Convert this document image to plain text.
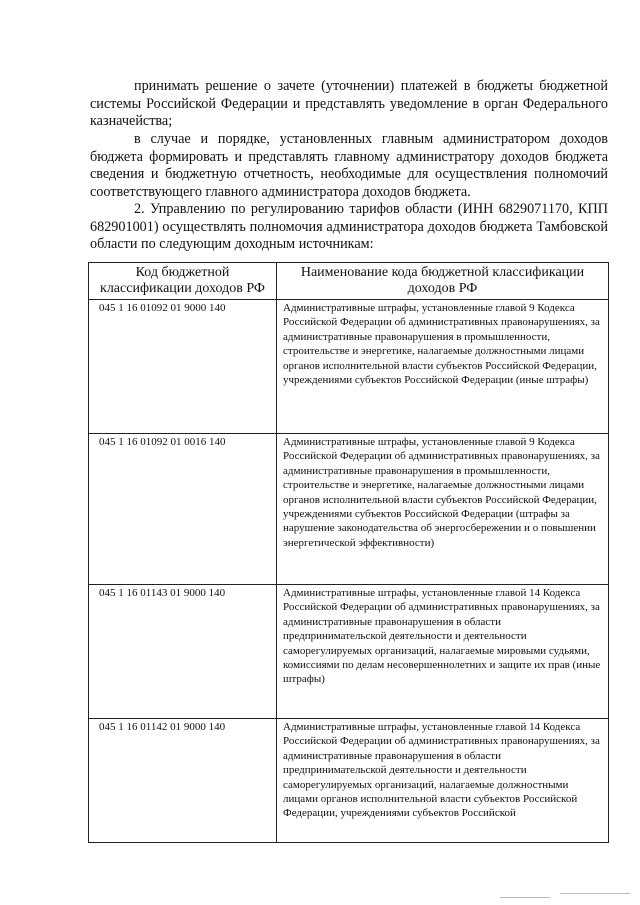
принимать решение о зачете (уточнении) платежей в бюджеты бюджетной системы Российской Федерации и представлять уведомление в орган Федерального казначейства;

в случае и порядке, установленных главным администратором доходов бюджета формировать и представлять главному администратору доходов бюджета сведения и бюджетную отчетность, необходимые для осуществления полномочий соответствующего главного администратора доходов бюджета.

2. Управлению по регулированию тарифов области (ИНН 6829071170, КПП 682901001) осуществлять полномочия администратора доходов бюджета Тамбовской области по следующим доходным источникам:

Код бюджетной классификации доходов РФ	Наименование кода бюджетной классификации доходов РФ
045 1 16 01092 01 9000 140	Административные штрафы, установленные главой 9 Кодекса Российской Федерации об административных правонарушениях, за административные правонарушения в промышленности, строительстве и энергетике, налагаемые должностными лицами органов исполнительной власти субъектов Российской Федерации, учреждениями субъектов Российской Федерации (иные штрафы)
045 1 16 01092 01 0016 140	Административные штрафы, установленные главой 9 Кодекса Российской Федерации об административных правонарушениях, за административные правонарушения в промышленности, строительстве и энергетике, налагаемые должностными лицами органов исполнительной власти субъектов Российской Федерации, учреждениями субъектов Российской Федерации (штрафы за нарушение законодательства об энергосбережении и о повышении энергетической эффективности)
045 1 16 01143 01 9000 140	Административные штрафы, установленные главой 14 Кодекса Российской Федерации об административных правонарушениях, за административные правонарушения в области предпринимательской деятельности и деятельности саморегулируемых организаций, налагаемые мировыми судьями, комиссиями по делам несовершеннолетних и защите их прав (иные штрафы)
045 1 16 01142 01 9000 140	Административные штрафы, установленные главой 14 Кодекса Российской Федерации об административных правонарушениях, за административные правонарушения в области предпринимательской деятельности и деятельности саморегулируемых организаций, налагаемые должностными лицами органов исполнительной власти субъектов Российской Федерации, учреждениями субъектов Российской
